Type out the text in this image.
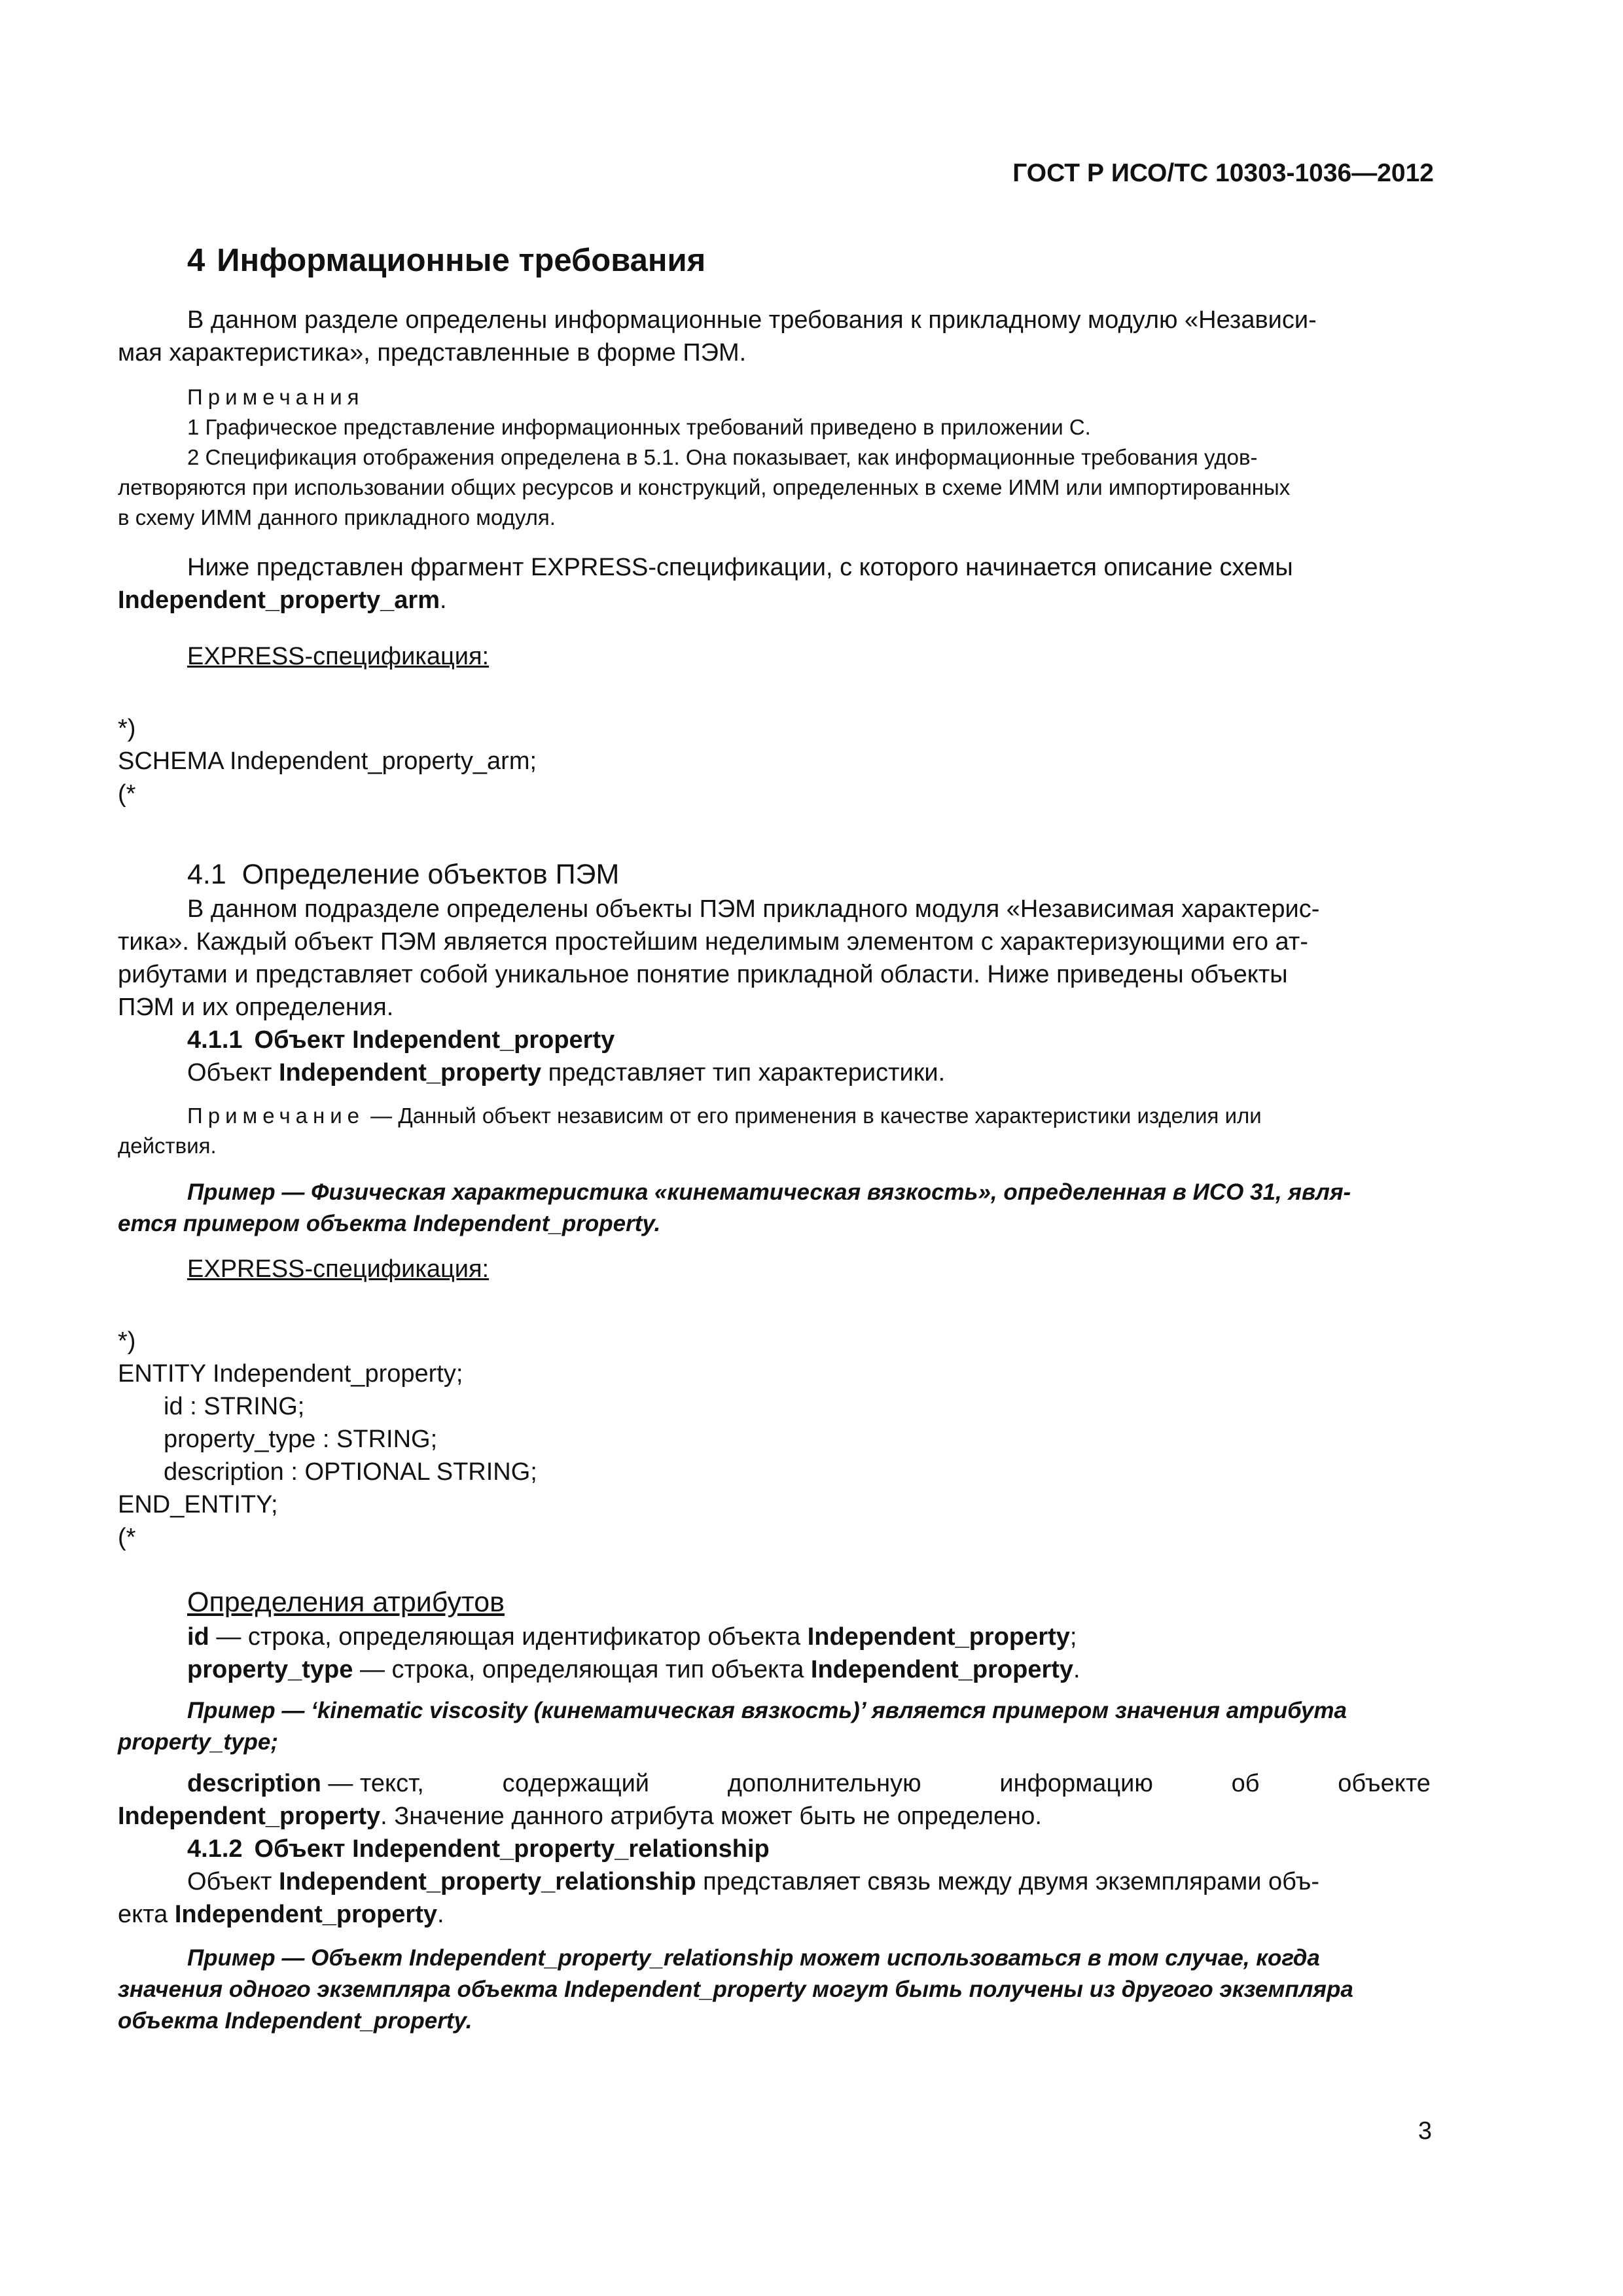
ГОСТ Р ИСО/ТС 10303-1036—2012
4 Информационные требования

В данном разделе определены информационные требования к прикладному модулю «Независи-

мая характеристика», представленные в форме ПЭМ.

Примечания
1 Графическое представление информационных требований приведено в приложении С.
2 Спецификация отображения определена в 5.1. Она показывает, как информационные требования удов-
летворяются при использовании общих ресурсов и конструкций, определенных в схеме ИММ или импортированных
в схему ИММ данного прикладного модуля.

Ниже представлен фрагмент EXPRESS-спецификации, с которого начинается описание схемы

Independent_property_arm.

EXPRESS-спецификация:
*)
SCHEMA Independent_property_arm;
(*
4.1 Определение объектов ПЭМ

В данном подразделе определены объекты ПЭМ прикладного модуля «Независимая характерис-

тика». Каждый объект ПЭМ является простейшим неделимым элементом с характеризующими его ат-

рибутами и представляет собой уникальное понятие прикладной области. Ниже приведены объекты

ПЭМ и их определения.

4.1.1 Объект Independent_property

Объект Independent_property представляет тип характеристики.

Примечание — Данный объект независим от его применения в качестве характеристики изделия или
действия.
Пример — Физическая характеристика «кинематическая вязкость», определенная в ИСО 31, явля-
ется примером объекта Independent_property.
EXPRESS-спецификация:
*)
ENTITY Independent_property;
id : STRING;
property_type : STRING;
description : OPTIONAL STRING;
END_ENTITY;
(*
Определения атрибутов

id — строка, определяющая идентификатор объекта Independent_property;

property_type — строка, определяющая тип объекта Independent_property.

Пример — ‘kinematic viscosity (кинематическая вязкость)’ является примером значения атрибута
property_type;
description — текст,	содержащий	дополнительную	информацию	об	объекте

Independent_property. Значение данного атрибута может быть не определено.

4.1.2 Объект Independent_property_relationship

Объект Independent_property_relationship представляет связь между двумя экземплярами объ-

екта Independent_property.

Пример — Объект Independent_property_relationship может использоваться в том случае, когда
значения одного экземпляра объекта Independent_property могут быть получены из другого экземпляра
объекта Independent_property.
3
